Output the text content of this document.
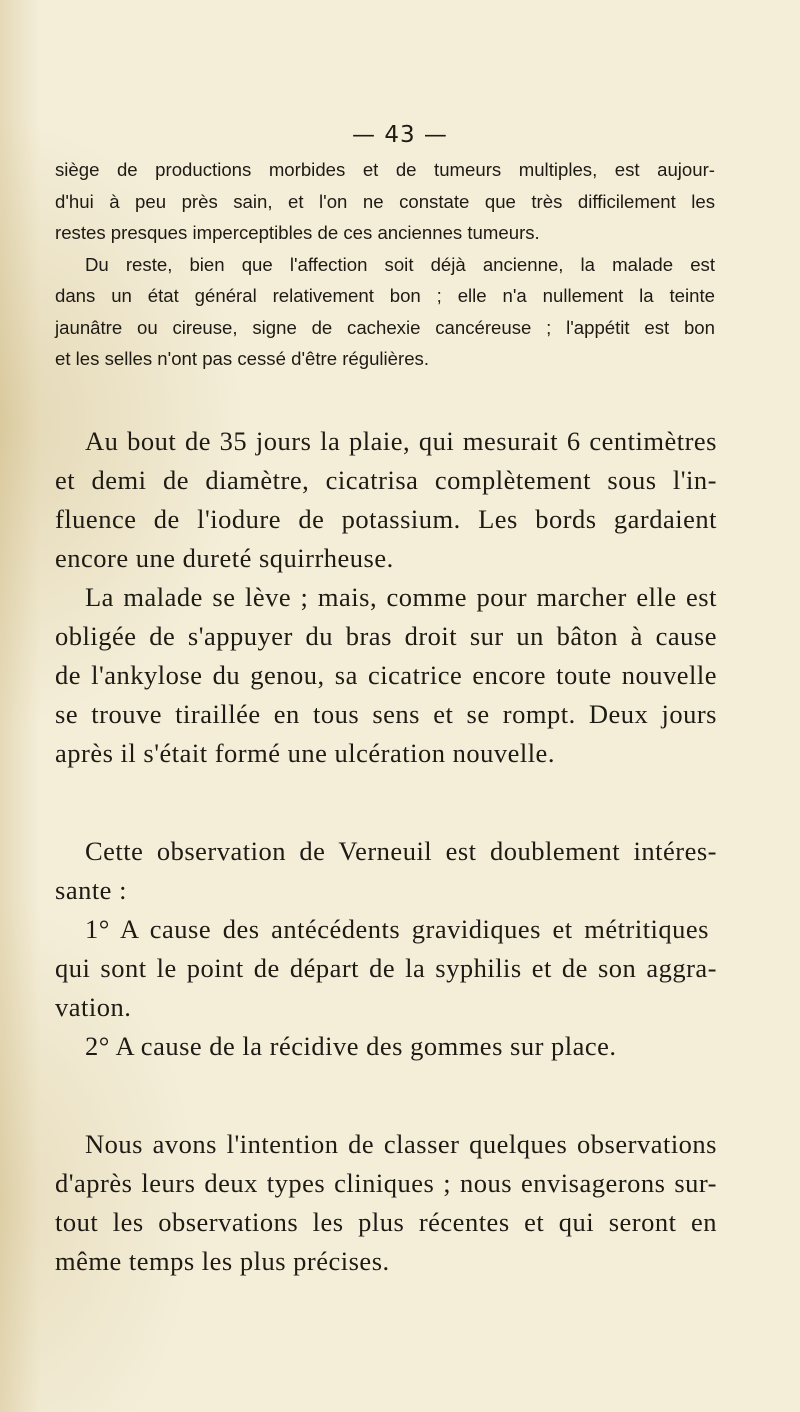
— 43 —
siège de productions morbides et de tumeurs multiples, est aujour-
d'hui à peu près sain, et l'on ne constate que très difficilement les
restes presques imperceptibles de ces anciennes tumeurs.
Du reste, bien que l'affection soit déjà ancienne, la malade est
dans un état général relativement bon ; elle n'a nullement la teinte
jaunâtre ou cireuse, signe de cachexie cancéreuse ; l'appétit est bon
et les selles n'ont pas cessé d'être régulières.
Au bout de 35 jours la plaie, qui mesurait 6 centimètres
et demi de diamètre, cicatrisa complètement sous l'in-
fluence de l'iodure de potassium. Les bords gardaient
encore une dureté squirrheuse.
La malade se lève ; mais, comme pour marcher elle est
obligée de s'appuyer du bras droit sur un bâton à cause
de l'ankylose du genou, sa cicatrice encore toute nouvelle
se trouve tiraillée en tous sens et se rompt. Deux jours
après il s'était formé une ulcération nouvelle.
Cette observation de Verneuil est doublement intéres-
sante :
1° A cause des antécédents gravidiques et métritiques
qui sont le point de départ de la syphilis et de son aggra-
vation.
2° A cause de la récidive des gommes sur place.
Nous avons l'intention de classer quelques observations
d'après leurs deux types cliniques ; nous envisagerons sur-
tout les observations les plus récentes et qui seront en
même temps les plus précises.
